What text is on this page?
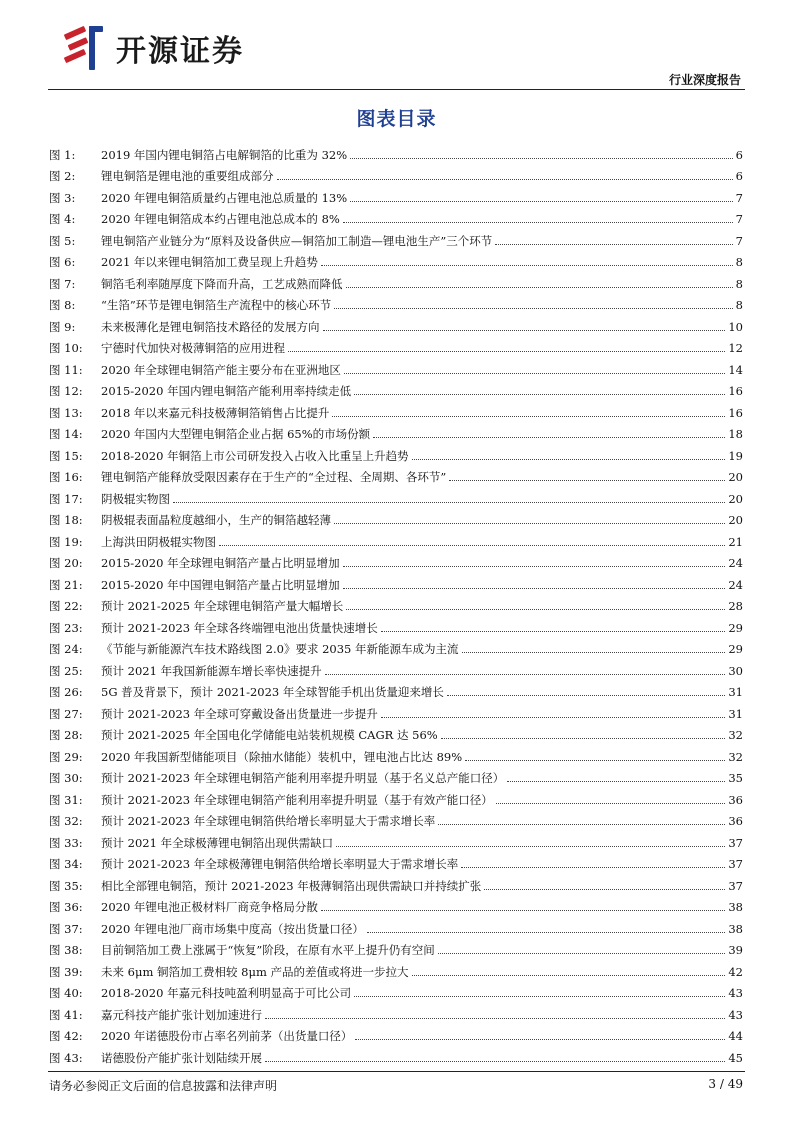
开源证券
行业深度报告
图表目录
图 1:	2019 年国内锂电铜箔占电解铜箔的比重为 32%	6
图 2:	锂电铜箔是锂电池的重要组成部分	6
图 3:	2020 年锂电铜箔质量约占锂电池总质量的 13%	7
图 4:	2020 年锂电铜箔成本约占锂电池总成本的 8%	7
图 5:	锂电铜箔产业链分为“原料及设备供应—铜箔加工制造—锂电池生产”三个环节	7
图 6:	2021 年以来锂电铜箔加工费呈现上升趋势	8
图 7:	铜箔毛利率随厚度下降而升高，工艺成熟而降低	8
图 8:	“生箔”环节是锂电铜箔生产流程中的核心环节	8
图 9:	未来极薄化是锂电铜箔技术路径的发展方向	10
图 10:	宁德时代加快对极薄铜箔的应用进程	12
图 11:	2020 年全球锂电铜箔产能主要分布在亚洲地区	14
图 12:	2015-2020 年国内锂电铜箔产能利用率持续走低	16
图 13:	2018 年以来嘉元科技极薄铜箔销售占比提升	16
图 14:	2020 年国内大型锂电铜箔企业占据 65%的市场份额	18
图 15:	2018-2020 年铜箔上市公司研发投入占收入比重呈上升趋势	19
图 16:	锂电铜箔产能释放受限因素存在于生产的“全过程、全周期、各环节”	20
图 17:	阴极辊实物图	20
图 18:	阴极辊表面晶粒度越细小，生产的铜箔越轻薄	20
图 19:	上海洪田阴极辊实物图	21
图 20:	2015-2020 年全球锂电铜箔产量占比明显增加	24
图 21:	2015-2020 年中国锂电铜箔产量占比明显增加	24
图 22:	预计 2021-2025 年全球锂电铜箔产量大幅增长	28
图 23:	预计 2021-2023 年全球各终端锂电池出货量快速增长	29
图 24:	《节能与新能源汽车技术路线图 2.0》要求 2035 年新能源车成为主流	29
图 25:	预计 2021 年我国新能源车增长率快速提升	30
图 26:	5G 普及背景下，预计 2021-2023 年全球智能手机出货量迎来增长	31
图 27:	预计 2021-2023 年全球可穿戴设备出货量进一步提升	31
图 28:	预计 2021-2025 年全国电化学储能电站装机规模 CAGR 达 56%	32
图 29:	2020 年我国新型储能项目（除抽水储能）装机中，锂电池占比达 89%	32
图 30:	预计 2021-2023 年全球锂电铜箔产能利用率提升明显（基于名义总产能口径）	35
图 31:	预计 2021-2023 年全球锂电铜箔产能利用率提升明显（基于有效产能口径）	36
图 32:	预计 2021-2023 年全球锂电铜箔供给增长率明显大于需求增长率	36
图 33:	预计 2021 年全球极薄锂电铜箔出现供需缺口	37
图 34:	预计 2021-2023 年全球极薄锂电铜箔供给增长率明显大于需求增长率	37
图 35:	相比全部锂电铜箔，预计 2021-2023 年极薄铜箔出现供需缺口并持续扩张	37
图 36:	2020 年锂电池正极材料厂商竞争格局分散	38
图 37:	2020 年锂电池厂商市场集中度高（按出货量口径）	38
图 38:	目前铜箔加工费上涨属于“恢复”阶段，在原有水平上提升仍有空间	39
图 39:	未来 6μm 铜箔加工费相较 8μm 产品的差值或将进一步拉大	42
图 40:	2018-2020 年嘉元科技吨盈利明显高于可比公司	43
图 41:	嘉元科技产能扩张计划加速进行	43
图 42:	2020 年诺德股份市占率名列前茅（出货量口径）	44
图 43:	诺德股份产能扩张计划陆续开展	45
请务必参阅正文后面的信息披露和法律声明	3 / 49
